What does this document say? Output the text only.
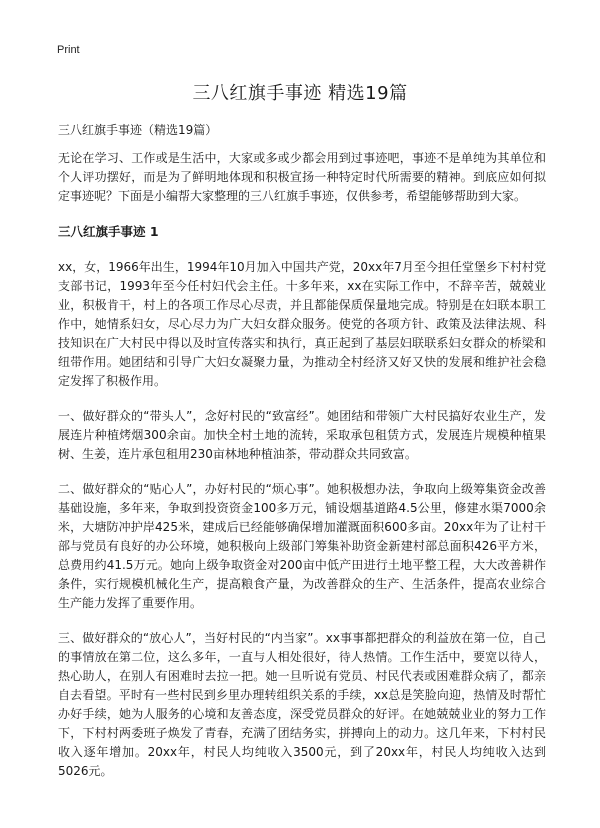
Print
三八红旗手事迹 精选19篇
三八红旗手事迹（精选19篇）

无论在学习、工作或是生活中，大家或多或少都会用到过事迹吧，事迹不是单纯为其单位和个人评功摆好，而是为了鲜明地体现和积极宣扬一种特定时代所需要的精神。到底应如何拟定事迹呢？下面是小编帮大家整理的三八红旗手事迹，仅供参考，希望能够帮助到大家。

三八红旗手事迹 1

xx，女，1966年出生，1994年10月加入中国共产党，20xx年7月至今担任堂堡乡下村村党支部书记，1993年至今任村妇代会主任。十多年来，xx在实际工作中，不辞辛苦，兢兢业业，积极肯干，村上的各项工作尽心尽责，并且都能保质保量地完成。特别是在妇联本职工作中，她情系妇女，尽心尽力为广大妇女群众服务。使党的各项方针、政策及法律法规、科技知识在广大村民中得以及时宣传落实和执行，真正起到了基层妇联联系妇女群众的桥梁和纽带作用。她团结和引导广大妇女凝聚力量，为推动全村经济又好又快的发展和维护社会稳定发挥了积极作用。

一、做好群众的“带头人”，念好村民的“致富经”。她团结和带领广大村民搞好农业生产，发展连片种植烤烟300余亩。加快全村土地的流转，采取承包租赁方式，发展连片规模种植果树、生姜，连片承包租用230亩林地种植油茶，带动群众共同致富。

二、做好群众的“贴心人”，办好村民的“烦心事”。她积极想办法，争取向上级筹集资金改善基础设施，多年来，争取到投资资金100多万元，铺设烟基道路4.5公里，修建水渠7000余米，大塘防冲护岸425米，建成后已经能够确保增加灌溉面积600多亩。20xx年为了让村干部与党员有良好的办公环境，她积极向上级部门筹集补助资金新建村部总面积426平方米，总费用约41.5万元。她向上级争取资金对200亩中低产田进行土地平整工程，大大改善耕作条件，实行规模机械化生产，提高粮食产量，为改善群众的生产、生活条件，提高农业综合生产能力发挥了重要作用。

三、做好群众的“放心人”，当好村民的“内当家”。xx事事都把群众的利益放在第一位，自己的事情放在第二位，这么多年，一直与人相处很好，待人热情。工作生活中，要宽以待人，热心助人，在别人有困难时去拉一把。她一旦听说有党员、村民代表或困难群众病了，都亲自去看望。平时有一些村民到乡里办理转组织关系的手续，xx总是笑脸向迎，热情及时帮忙办好手续，她为人服务的心境和友善态度，深受党员群众的好评。在她兢兢业业的努力工作下，下村村两委班子焕发了青春，充满了团结务实，拼搏向上的动力。这几年来，下村村民收入逐年增加。20xx年，村民人均纯收入3500元，到了20xx年，村民人均纯收入达到5026元。
